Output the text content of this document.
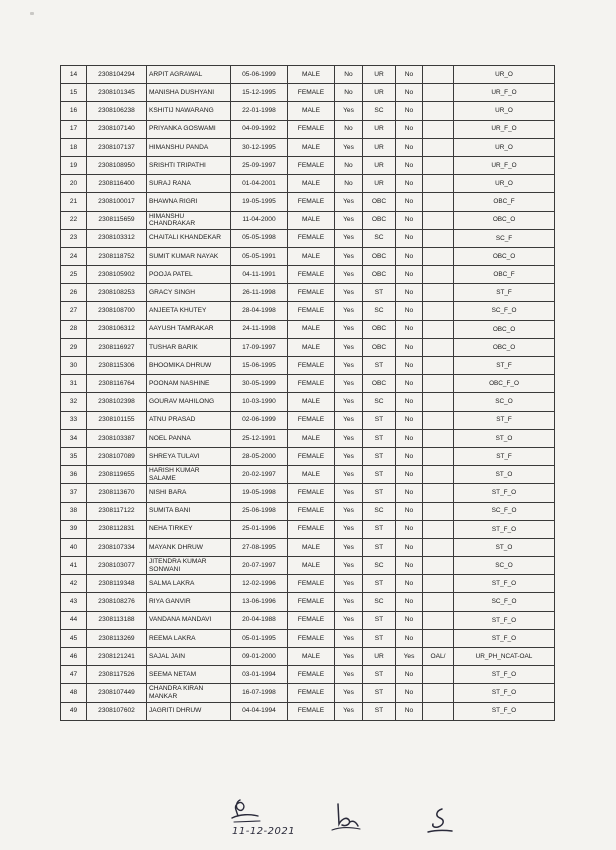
14	2308104294	ARPIT AGRAWAL	05-06-1999	MALE	No	UR	No		UR_O
15	2308101345	MANISHA DUSHYANI	15-12-1995	FEMALE	No	UR	No		UR_F_O
16	2308106238	KSHITIJ NAWARANG	22-01-1998	MALE	Yes	SC	No		UR_O
17	2308107140	PRIYANKA GOSWAMI	04-09-1992	FEMALE	No	UR	No		UR_F_O
18	2308107137	HIMANSHU PANDA	30-12-1995	MALE	Yes	UR	No		UR_O
19	2308108950	SRISHTI TRIPATHI	25-09-1997	FEMALE	No	UR	No		UR_F_O
20	2308116400	SURAJ RANA	01-04-2001	MALE	No	UR	No		UR_O
21	2308100017	BHAWNA RIGRI	19-05-1995	FEMALE	Yes	OBC	No		OBC_F
22	2308115659	HIMANSHU CHANDRAKAR	11-04-2000	MALE	Yes	OBC	No		OBC_O
23	2308103312	CHAITALI KHANDEKAR	05-05-1998	FEMALE	Yes	SC	No		SC_F
24	2308118752	SUMIT KUMAR NAYAK	05-05-1991	MALE	Yes	OBC	No		OBC_O
25	2308105902	POOJA PATEL	04-11-1991	FEMALE	Yes	OBC	No		OBC_F
26	2308108253	GRACY SINGH	26-11-1998	FEMALE	Yes	ST	No		ST_F
27	2308108700	ANJEETA KHUTEY	28-04-1998	FEMALE	Yes	SC	No		SC_F_O
28	2308106312	AAYUSH TAMRAKAR	24-11-1998	MALE	Yes	OBC	No		OBC_O
29	2308116927	TUSHAR BARIK	17-09-1997	MALE	Yes	OBC	No		OBC_O
30	2308115306	BHOOMIKA DHRUW	15-06-1995	FEMALE	Yes	ST	No		ST_F
31	2308116764	POONAM NASHINE	30-05-1999	FEMALE	Yes	OBC	No		OBC_F_O
32	2308102398	GOURAV MAHILONG	10-03-1990	MALE	Yes	SC	No		SC_O
33	2308101155	ATNU PRASAD	02-06-1999	FEMALE	Yes	ST	No		ST_F
34	2308103387	NOEL PANNA	25-12-1991	MALE	Yes	ST	No		ST_O
35	2308107089	SHREYA TULAVI	28-05-2000	FEMALE	Yes	ST	No		ST_F
36	2308119655	HARISH KUMAR SALAME	20-02-1997	MALE	Yes	ST	No		ST_O
37	2308113670	NISHI BARA	19-05-1998	FEMALE	Yes	ST	No		ST_F_O
38	2308117122	SUMITA BANI	25-06-1998	FEMALE	Yes	SC	No		SC_F_O
39	2308112831	NEHA TIRKEY	25-01-1996	FEMALE	Yes	ST	No		ST_F_O
40	2308107334	MAYANK DHRUW	27-08-1995	MALE	Yes	ST	No		ST_O
41	2308103077	JITENDRA KUMAR SONWANI	20-07-1997	MALE	Yes	SC	No		SC_O
42	2308119348	SALMA LAKRA	12-02-1996	FEMALE	Yes	ST	No		ST_F_O
43	2308108276	RIYA GANVIR	13-06-1996	FEMALE	Yes	SC	No		SC_F_O
44	2308113188	VANDANA MANDAVI	20-04-1988	FEMALE	Yes	ST	No		ST_F_O
45	2308113269	REEMA LAKRA	05-01-1995	FEMALE	Yes	ST	No		ST_F_O
46	2308121241	SAJAL JAIN	09-01-2000	MALE	Yes	UR	Yes	OAL/	UR_PH_NCAT-OAL
47	2308117526	SEEMA NETAM	03-01-1994	FEMALE	Yes	ST	No		ST_F_O
48	2308107449	CHANDRA KIRAN MANKAR	16-07-1998	FEMALE	Yes	ST	No		ST_F_O
49	2308107602	JAGRITI DHRUW	04-04-1994	FEMALE	Yes	ST	No		ST_F_O
11-12-2021
